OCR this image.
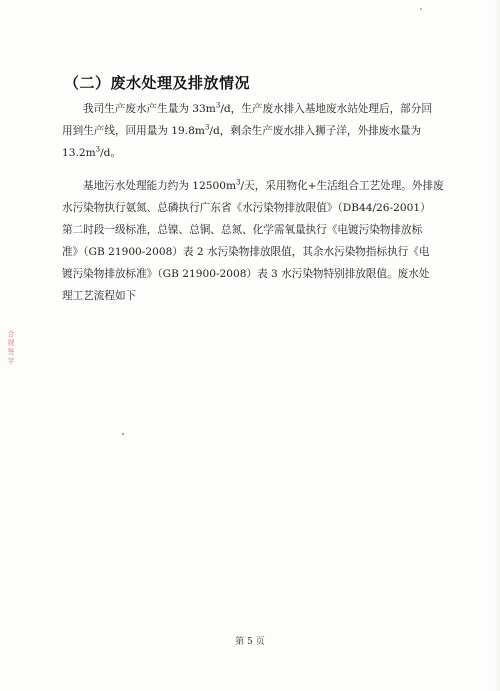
（二）废水处理及排放情况
我司生产废水产生量为 $33m^3/d$，生产废水排入基地废水站处理后，部分回
用到生产线，回用量为 $19.8m^3/d$，剩余生产废水排入狮子洋，外排废水量为
$13.2m^3/d$。
基地污水处理能力约为 $12500m^3/$天，采用物化+生活组合工艺处理。外排废
水污染物执行氨氮、总磷执行广东省《水污染物排放限值》（DB44/26-2001）
第二时段一级标准，总镍、总铜、总氮、化学需氧量执行《电镀污染物排放标
准》（GB 21900-2008）表 2 水污染物排放限值，其余水污染物指标执行《电
镀污染物排放标准》（GB 21900-2008）表 3 水污染物特别排放限值。废水处
理工艺流程如下
合规签字
第 5 页
